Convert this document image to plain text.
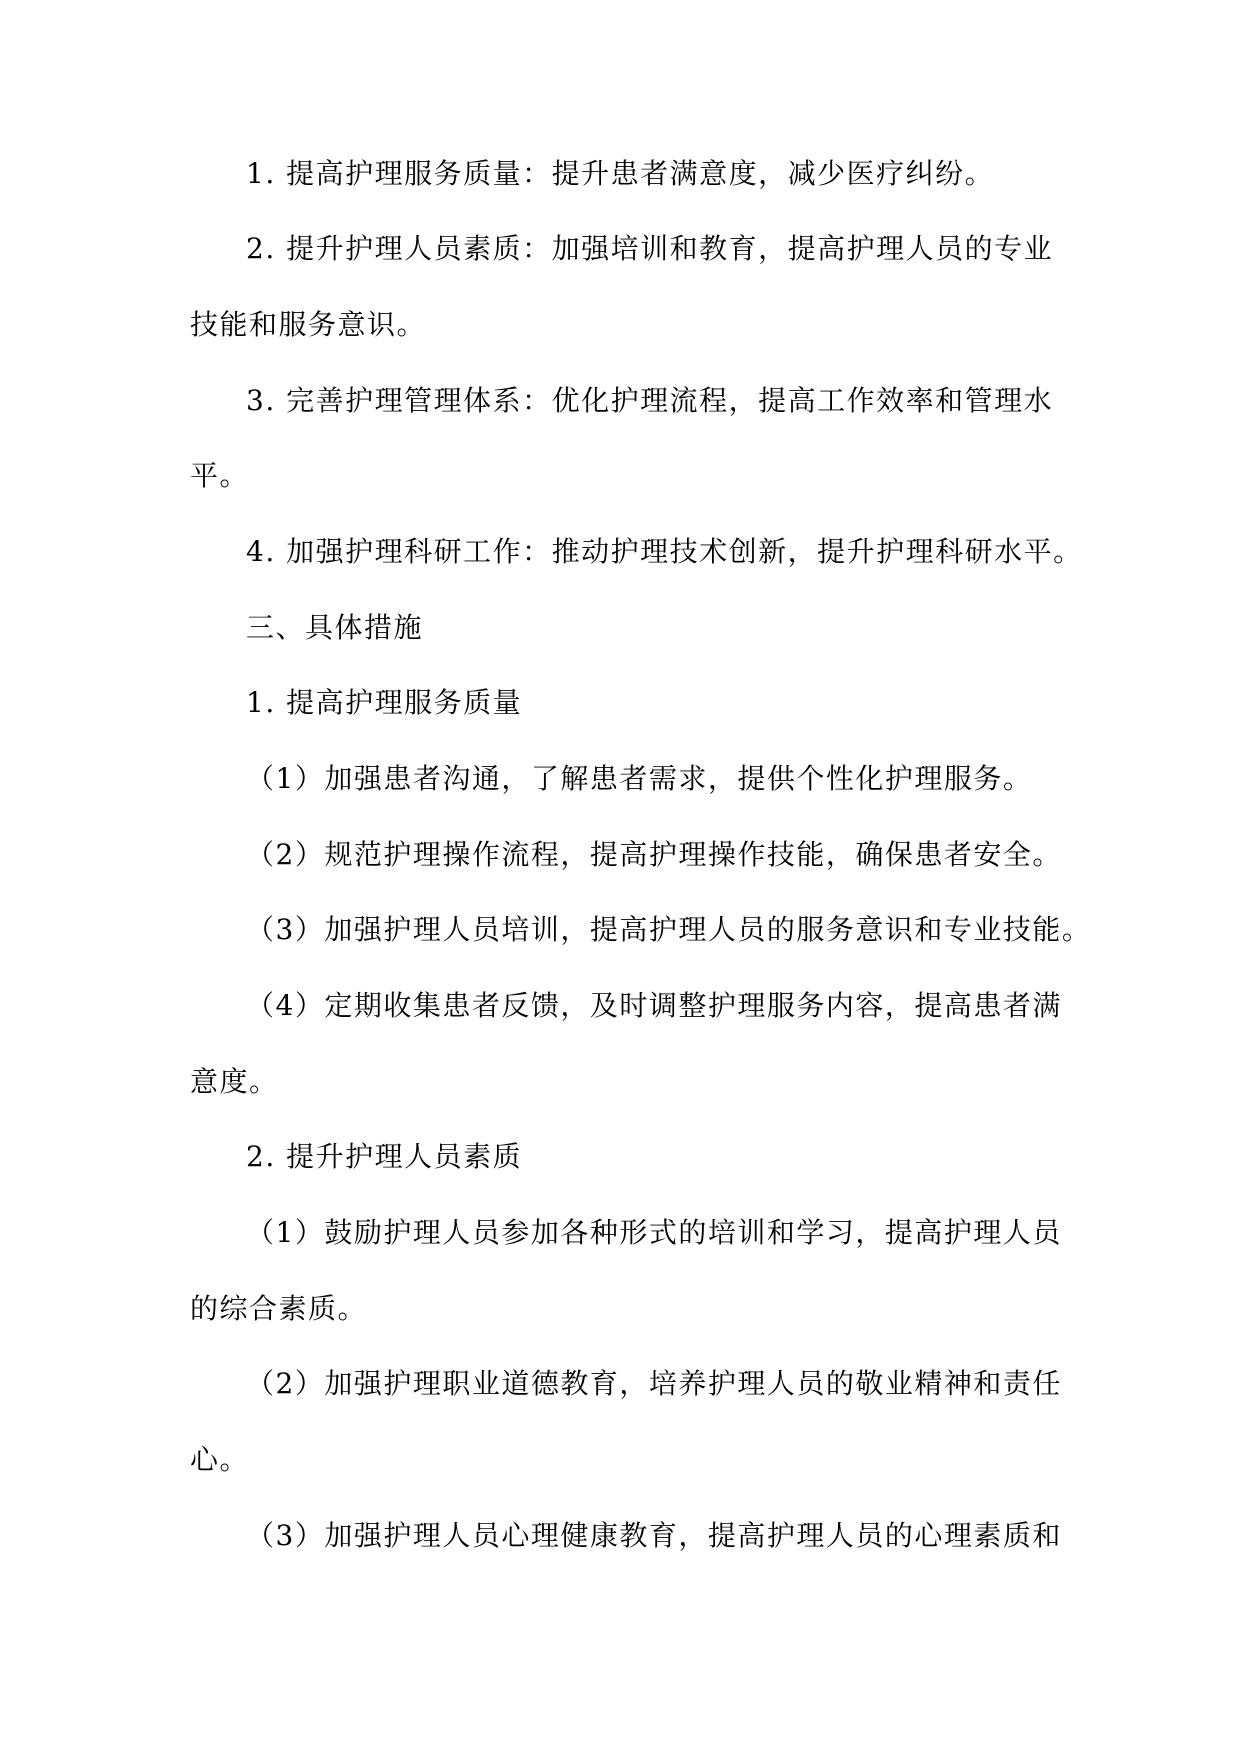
1. 提高护理服务质量：提升患者满意度，减少医疗纠纷。
2. 提升护理人员素质：加强培训和教育，提高护理人员的专业
技能和服务意识。
3. 完善护理管理体系：优化护理流程，提高工作效率和管理水
平。
4. 加强护理科研工作：推动护理技术创新，提升护理科研水平。
三、具体措施
1. 提高护理服务质量
（1）加强患者沟通，了解患者需求，提供个性化护理服务。
（2）规范护理操作流程，提高护理操作技能，确保患者安全。
（3）加强护理人员培训，提高护理人员的服务意识和专业技能。
（4）定期收集患者反馈，及时调整护理服务内容，提高患者满
意度。
2. 提升护理人员素质
（1）鼓励护理人员参加各种形式的培训和学习，提高护理人员
的综合素质。
（2）加强护理职业道德教育，培养护理人员的敬业精神和责任
心。
（3）加强护理人员心理健康教育，提高护理人员的心理素质和
